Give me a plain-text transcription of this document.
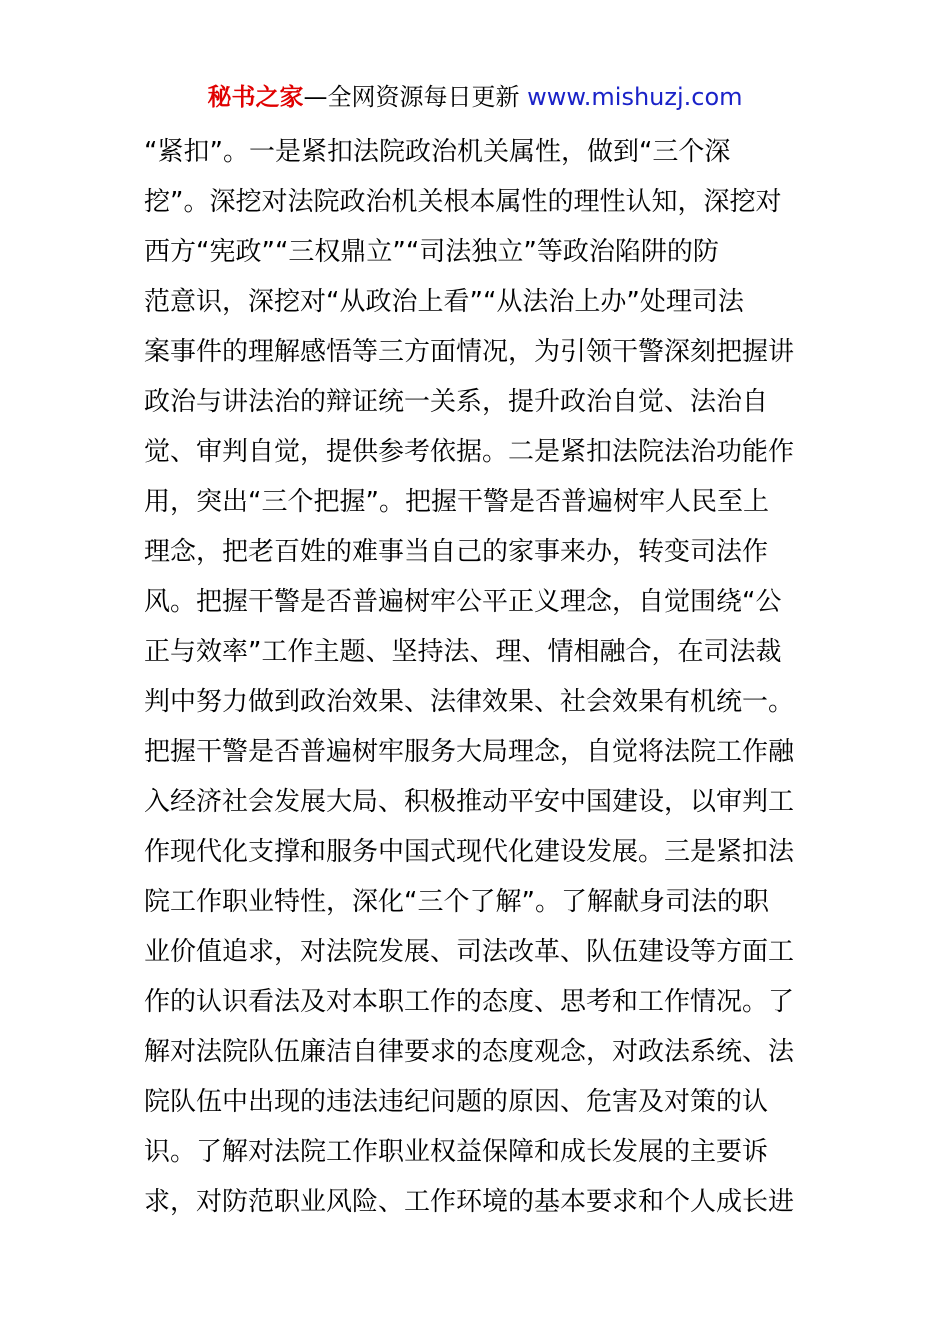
秘书之家—全网资源每日更新 www.mishuzj.com
“紧扣”。一是紧扣法院政治机关属性，做到“三个深
挖”。深挖对法院政治机关根本属性的理性认知，深挖对
西方“宪政”“三权鼎立”“司法独立”等政治陷阱的防
范意识，深挖对“从政治上看”“从法治上办”处理司法
案事件的理解感悟等三方面情况，为引领干警深刻把握讲
政治与讲法治的辩证统一关系，提升政治自觉、法治自
觉、审判自觉，提供参考依据。二是紧扣法院法治功能作
用，突出“三个把握”。把握干警是否普遍树牢人民至上
理念，把老百姓的难事当自己的家事来办，转变司法作
风。把握干警是否普遍树牢公平正义理念，自觉围绕“公
正与效率”工作主题、坚持法、理、情相融合，在司法裁
判中努力做到政治效果、法律效果、社会效果有机统一。
把握干警是否普遍树牢服务大局理念，自觉将法院工作融
入经济社会发展大局、积极推动平安中国建设，以审判工
作现代化支撑和服务中国式现代化建设发展。三是紧扣法
院工作职业特性，深化“三个了解”。了解献身司法的职
业价值追求，对法院发展、司法改革、队伍建设等方面工
作的认识看法及对本职工作的态度、思考和工作情况。了
解对法院队伍廉洁自律要求的态度观念，对政法系统、法
院队伍中出现的违法违纪问题的原因、危害及对策的认
识。了解对法院工作职业权益保障和成长发展的主要诉
求，对防范职业风险、工作环境的基本要求和个人成长进
